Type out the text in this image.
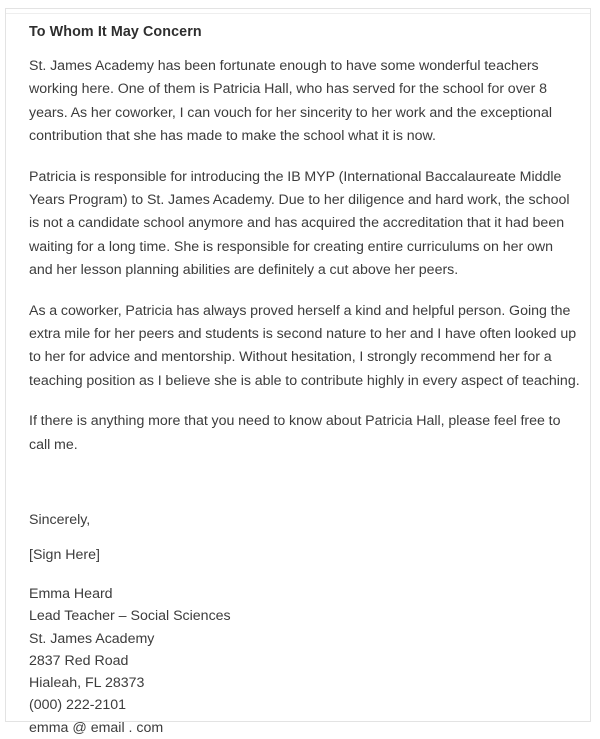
To Whom It May Concern

St. James Academy has been fortunate enough to have some wonderful teachers working here. One of them is Patricia Hall, who has served for the school for over 8 years. As her coworker, I can vouch for her sincerity to her work and the exceptional contribution that she has made to make the school what it is now.

Patricia is responsible for introducing the IB MYP (International Baccalaureate Middle Years Program) to St. James Academy. Due to her diligence and hard work, the school is not a candidate school anymore and has acquired the accreditation that it had been waiting for a long time. She is responsible for creating entire curriculums on her own and her lesson planning abilities are definitely a cut above her peers.

As a coworker, Patricia has always proved herself a kind and helpful person. Going the extra mile for her peers and students is second nature to her and I have often looked up to her for advice and mentorship. Without hesitation, I strongly recommend her for a teaching position as I believe she is able to contribute highly in every aspect of teaching.

If there is anything more that you need to know about Patricia Hall, please feel free to call me.

Sincerely,

[Sign Here]

Emma Heard
Lead Teacher – Social Sciences
St. James Academy
2837 Red Road
Hialeah, FL 28373
(000) 222-2101
emma @ email . com
